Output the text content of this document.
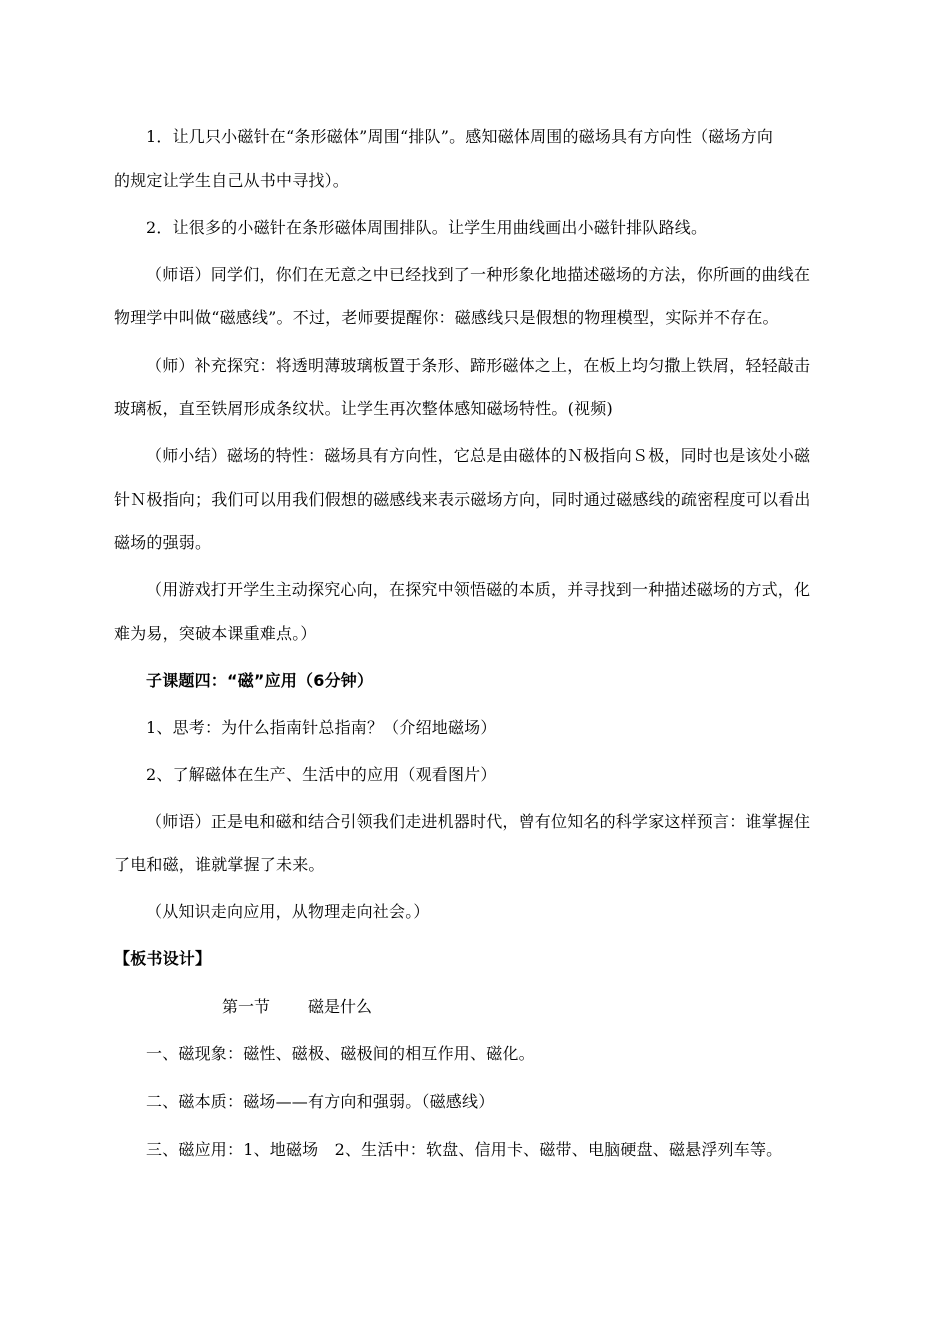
1．让几只小磁针在“条形磁体”周围“排队”。感知磁体周围的磁场具有方向性（磁场方向
的规定让学生自己从书中寻找）。
2．让很多的小磁针在条形磁体周围排队。让学生用曲线画出小磁针排队路线。
（师语）同学们，你们在无意之中已经找到了一种形象化地描述磁场的方法，你所画的曲线在
物理学中叫做“磁感线”。不过，老师要提醒你：磁感线只是假想的物理模型，实际并不存在。
（师）补充探究：将透明薄玻璃板置于条形、蹄形磁体之上，在板上均匀撒上铁屑，轻轻敲击
玻璃板，直至铁屑形成条纹状。让学生再次整体感知磁场特性。(视频)
（师小结）磁场的特性：磁场具有方向性，它总是由磁体的Ｎ极指向Ｓ极，同时也是该处小磁
针Ｎ极指向；我们可以用我们假想的磁感线来表示磁场方向，同时通过磁感线的疏密程度可以看出
磁场的强弱。
（用游戏打开学生主动探究心向，在探究中领悟磁的本质，并寻找到一种描述磁场的方式，化
难为易，突破本课重难点。）
子课题四：“磁”应用（6分钟）
1、思考：为什么指南针总指南？（介绍地磁场）
2、了解磁体在生产、生活中的应用（观看图片）
（师语）正是电和磁和结合引领我们走进机器时代，曾有位知名的科学家这样预言：谁掌握住
了电和磁，谁就掌握了未来。
（从知识走向应用，从物理走向社会。）
【板书设计】
第一节 磁是什么
一、磁现象：磁性、磁极、磁极间的相互作用、磁化。
二、磁本质：磁场——有方向和强弱。（磁感线）
三、磁应用：1、地磁场　2、生活中：软盘、信用卡、磁带、电脑硬盘、磁悬浮列车等。
